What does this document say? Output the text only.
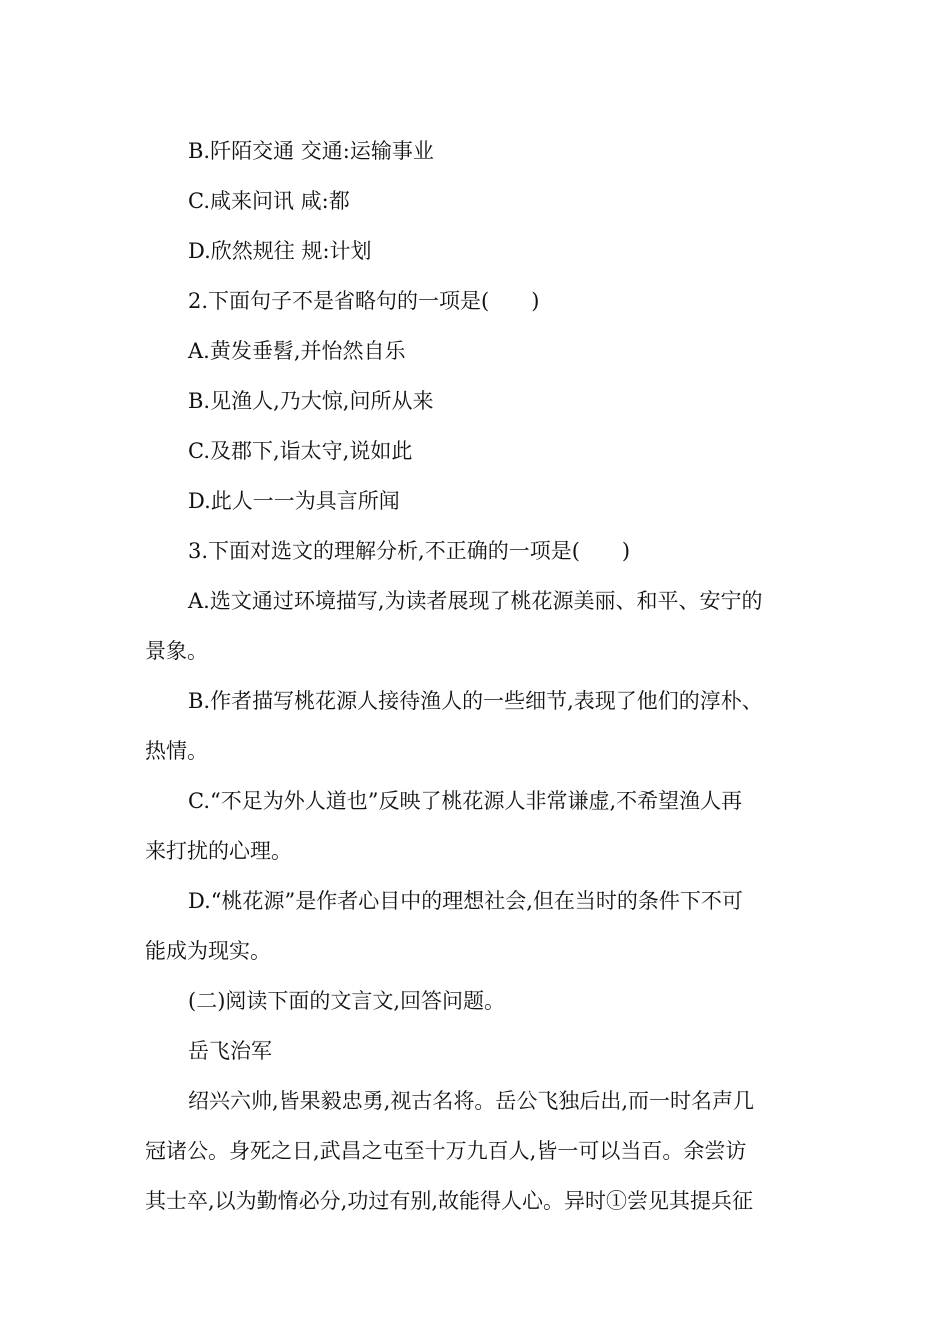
B.阡陌交通 交通:运输事业
C.咸来问讯 咸:都
D.欣然规往 规:计划
2.下面句子不是省略句的一项是(　　)
A.黄发垂髫,并怡然自乐
B.见渔人,乃大惊,问所从来
C.及郡下,诣太守,说如此
D.此人一一为具言所闻
3.下面对选文的理解分析,不正确的一项是(　　)
A.选文通过环境描写,为读者展现了桃花源美丽、和平、安宁的
景象。
B.作者描写桃花源人接待渔人的一些细节,表现了他们的淳朴、
热情。
C.“不足为外人道也”反映了桃花源人非常谦虚,不希望渔人再
来打扰的心理。
D.“桃花源”是作者心目中的理想社会,但在当时的条件下不可
能成为现实。
(二)阅读下面的文言文,回答问题。
岳飞治军
绍兴六帅,皆果毅忠勇,视古名将。岳公飞独后出,而一时名声几
冠诸公。身死之日,武昌之屯至十万九百人,皆一可以当百。余尝访
其士卒,以为勤惰必分,功过有别,故能得人心。异时①尝见其提兵征
